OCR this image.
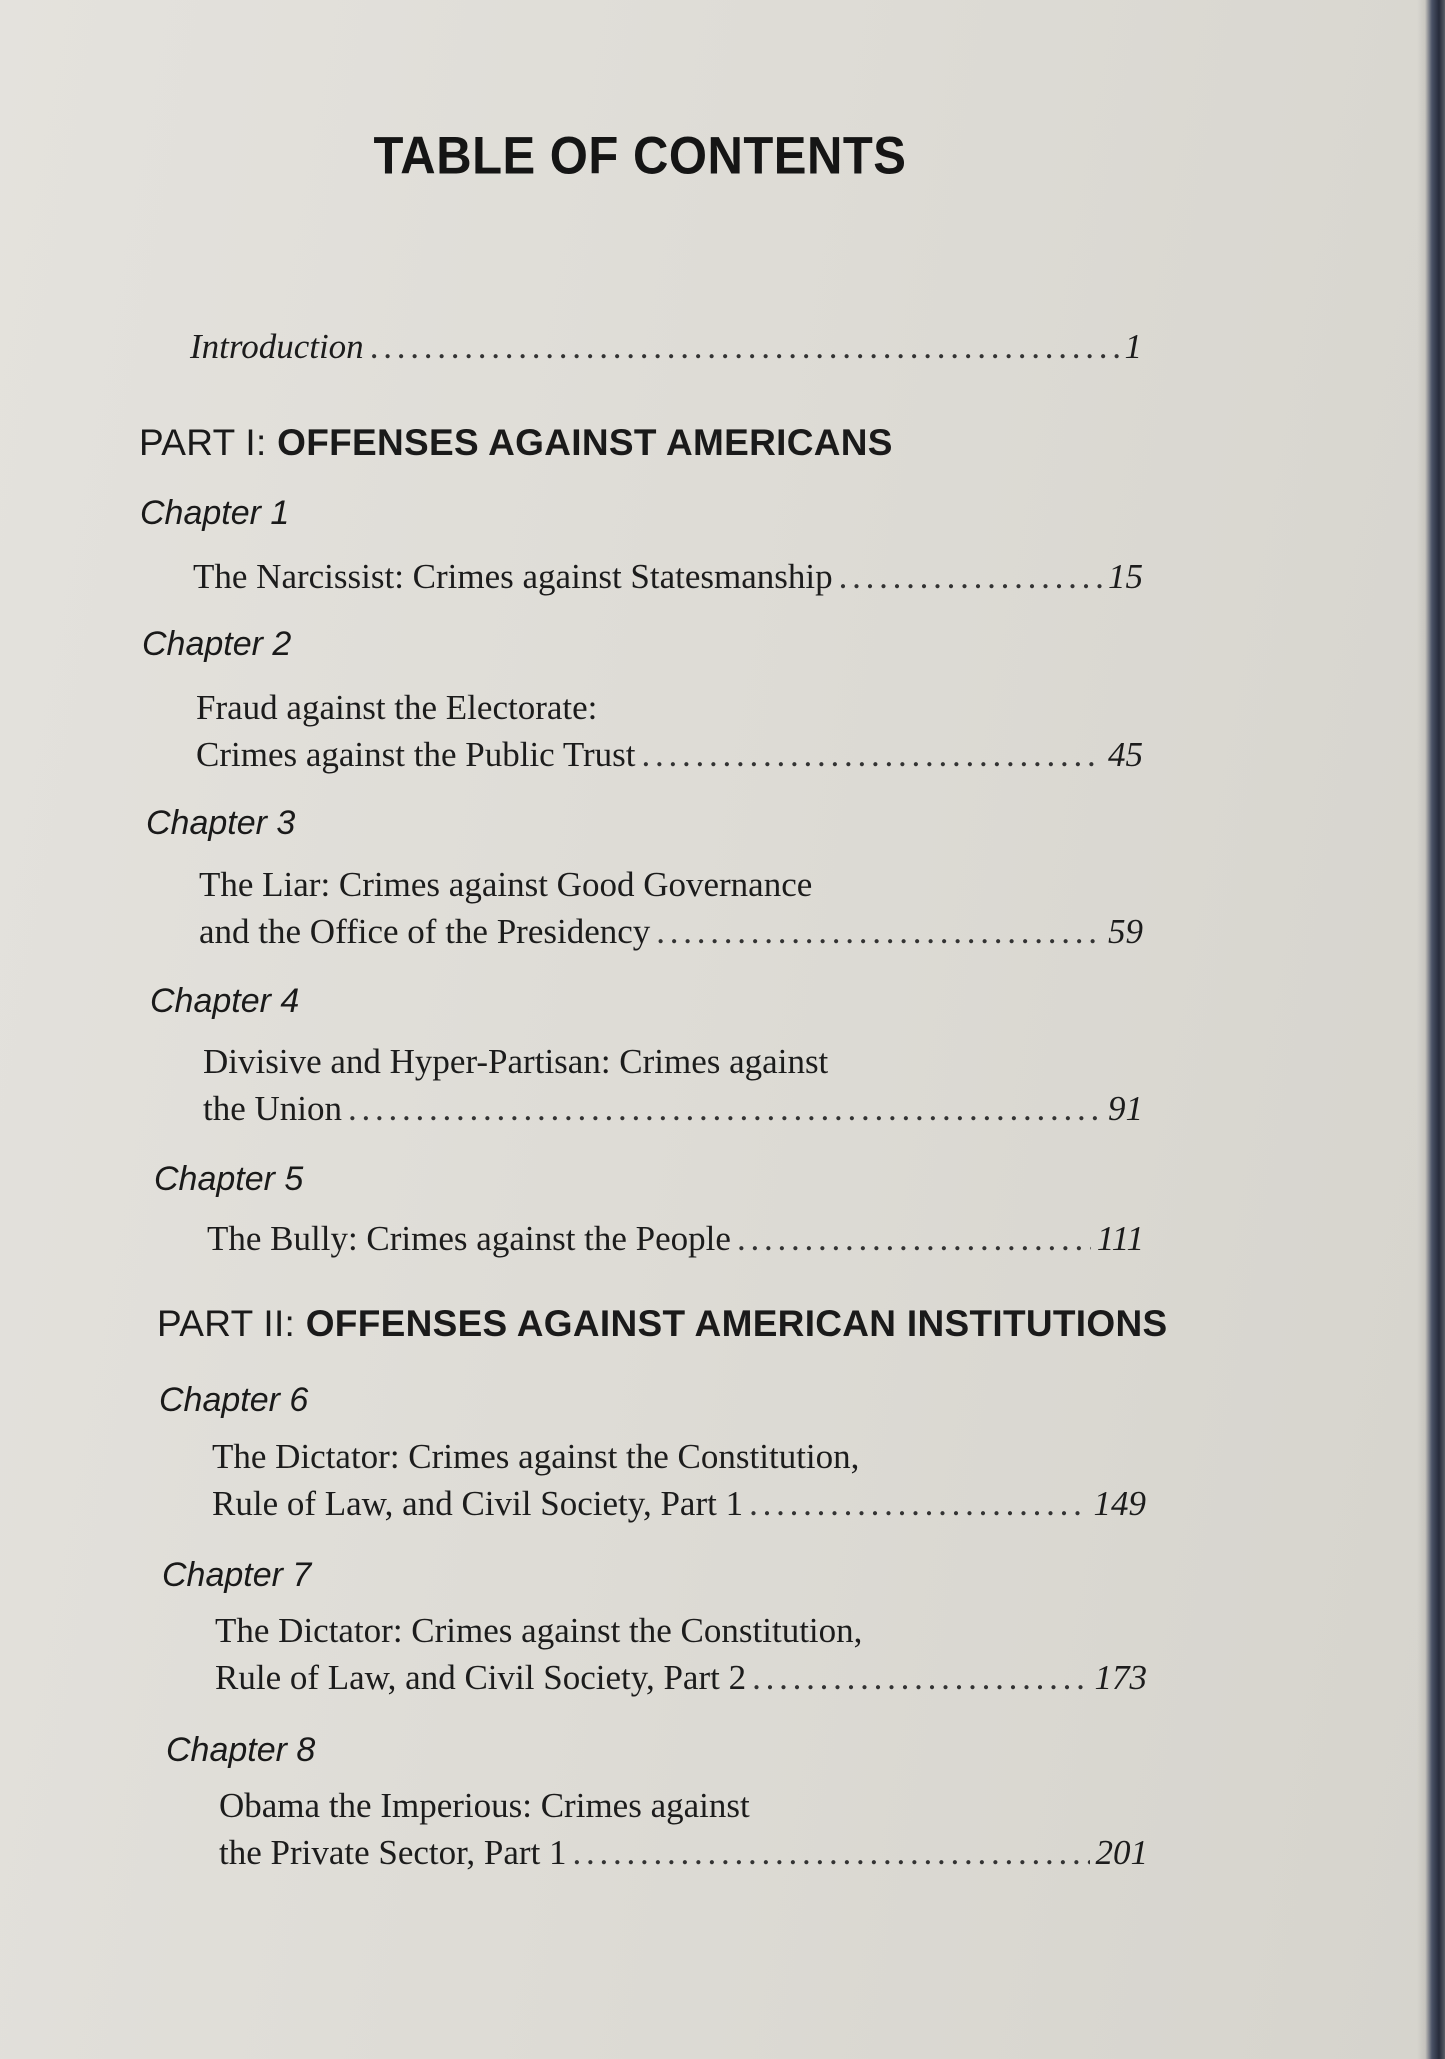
TABLE OF CONTENTS
Introduction . . .	1
PART I: OFFENSES AGAINST AMERICANS
Chapter 1
The Narcissist: Crimes against Statesmanship . . .	15
Chapter 2
Fraud against the Electorate:
Crimes against the Public Trust . . .	45
Chapter 3
The Liar: Crimes against Good Governance
and the Office of the Presidency . . .	59
Chapter 4
Divisive and Hyper-Partisan: Crimes against
the Union . . .	91
Chapter 5
The Bully: Crimes against the People . . .	111
PART II: OFFENSES AGAINST AMERICAN INSTITUTIONS
Chapter 6
The Dictator: Crimes against the Constitution,
Rule of Law, and Civil Society, Part 1 . . .	149
Chapter 7
The Dictator: Crimes against the Constitution,
Rule of Law, and Civil Society, Part 2 . . .	173
Chapter 8
Obama the Imperious: Crimes against
the Private Sector, Part 1 . . .	201
